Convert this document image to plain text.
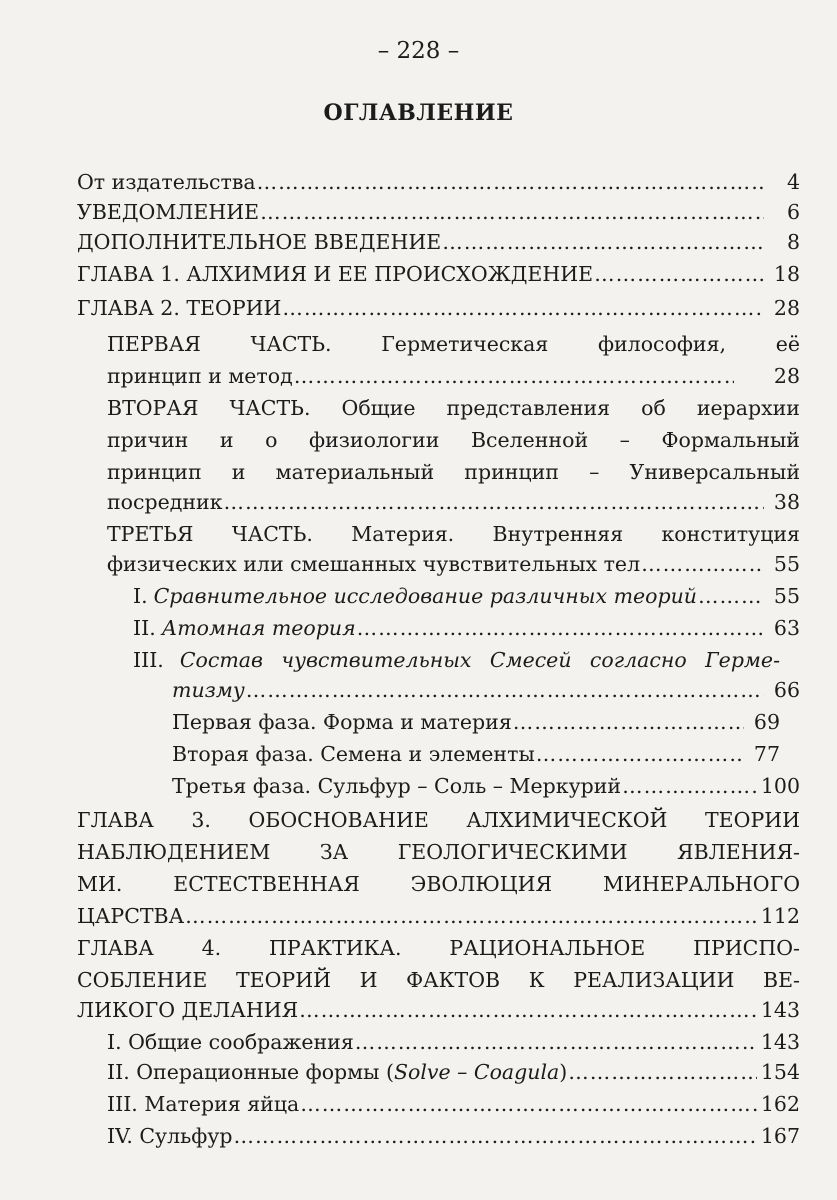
– 228 –
ОГЛАВЛЕНИЕ
От издательства …………………………………………………………………………………………………………………………………………………………………………………	4
УВЕДОМЛЕНИЕ …………………………………………………………………………………………………………………………………………………………………………………	6
ДОПОЛНИТЕЛЬНОЕ ВВЕДЕНИЕ …………………………………………………………………………………………………………………………………………………………………………………	8
ГЛАВА 1. АЛХИМИЯ И ЕЕ ПРОИСХОЖДЕНИЕ …………………………………………………………………………………………………………………………………………………………………………………	18
ГЛАВА 2. ТЕОРИИ …………………………………………………………………………………………………………………………………………………………………………………	28
ПЕРВАЯ ЧАСТЬ. Герметическая философия, её
принцип и метод …………………………………………………………………………………………………………………………………………………………………………………	28
ВТОРАЯ ЧАСТЬ. Общие представления об иерархии
причин и о физиологии Вселенной – Формальный
принцип и материальный принцип – Универсальный
посредник …………………………………………………………………………………………………………………………………………………………………………………	38
ТРЕТЬЯ ЧАСТЬ. Материя. Внутренняя конституция
физических или смешанных чувствительных тел …………………………………………………………………………………………………………………………………………………………………………………	55
I. Сравнительное исследование различных теорий …………………………………………………………………………………………………………………………………………………………………………………	55
II. Атомная теория …………………………………………………………………………………………………………………………………………………………………………………	63
III. Состав чувствительных Смесей согласно Герме-
тизму …………………………………………………………………………………………………………………………………………………………………………………	66
Первая фаза. Форма и материя …………………………………………………………………………………………………………………………………………………………………………………	69
Вторая фаза. Семена и элементы …………………………………………………………………………………………………………………………………………………………………………………	77
Третья фаза. Сульфур – Соль – Меркурий …………………………………………………………………………………………………………………………………………………………………………………	100
ГЛАВА 3. ОБОСНОВАНИЕ АЛХИМИЧЕСКОЙ ТЕОРИИ
НАБЛЮДЕНИЕМ ЗА ГЕОЛОГИЧЕСКИМИ ЯВЛЕНИЯ-
МИ. ЕСТЕСТВЕННАЯ ЭВОЛЮЦИЯ МИНЕРАЛЬНОГО
ЦАРСТВА …………………………………………………………………………………………………………………………………………………………………………………	112
ГЛАВА 4. ПРАКТИКА. РАЦИОНАЛЬНОЕ ПРИСПО-
СОБЛЕНИЕ ТЕОРИЙ И ФАКТОВ К РЕАЛИЗАЦИИ ВЕ-
ЛИКОГО ДЕЛАНИЯ …………………………………………………………………………………………………………………………………………………………………………………	143
I. Общие соображения …………………………………………………………………………………………………………………………………………………………………………………	143
II. Операционные формы ( Solve – Coagula ) …………………………………………………………………………………………………………………………………………………………………………………	154
III. Материя яйца …………………………………………………………………………………………………………………………………………………………………………………	162
IV. Сульфур …………………………………………………………………………………………………………………………………………………………………………………	167
